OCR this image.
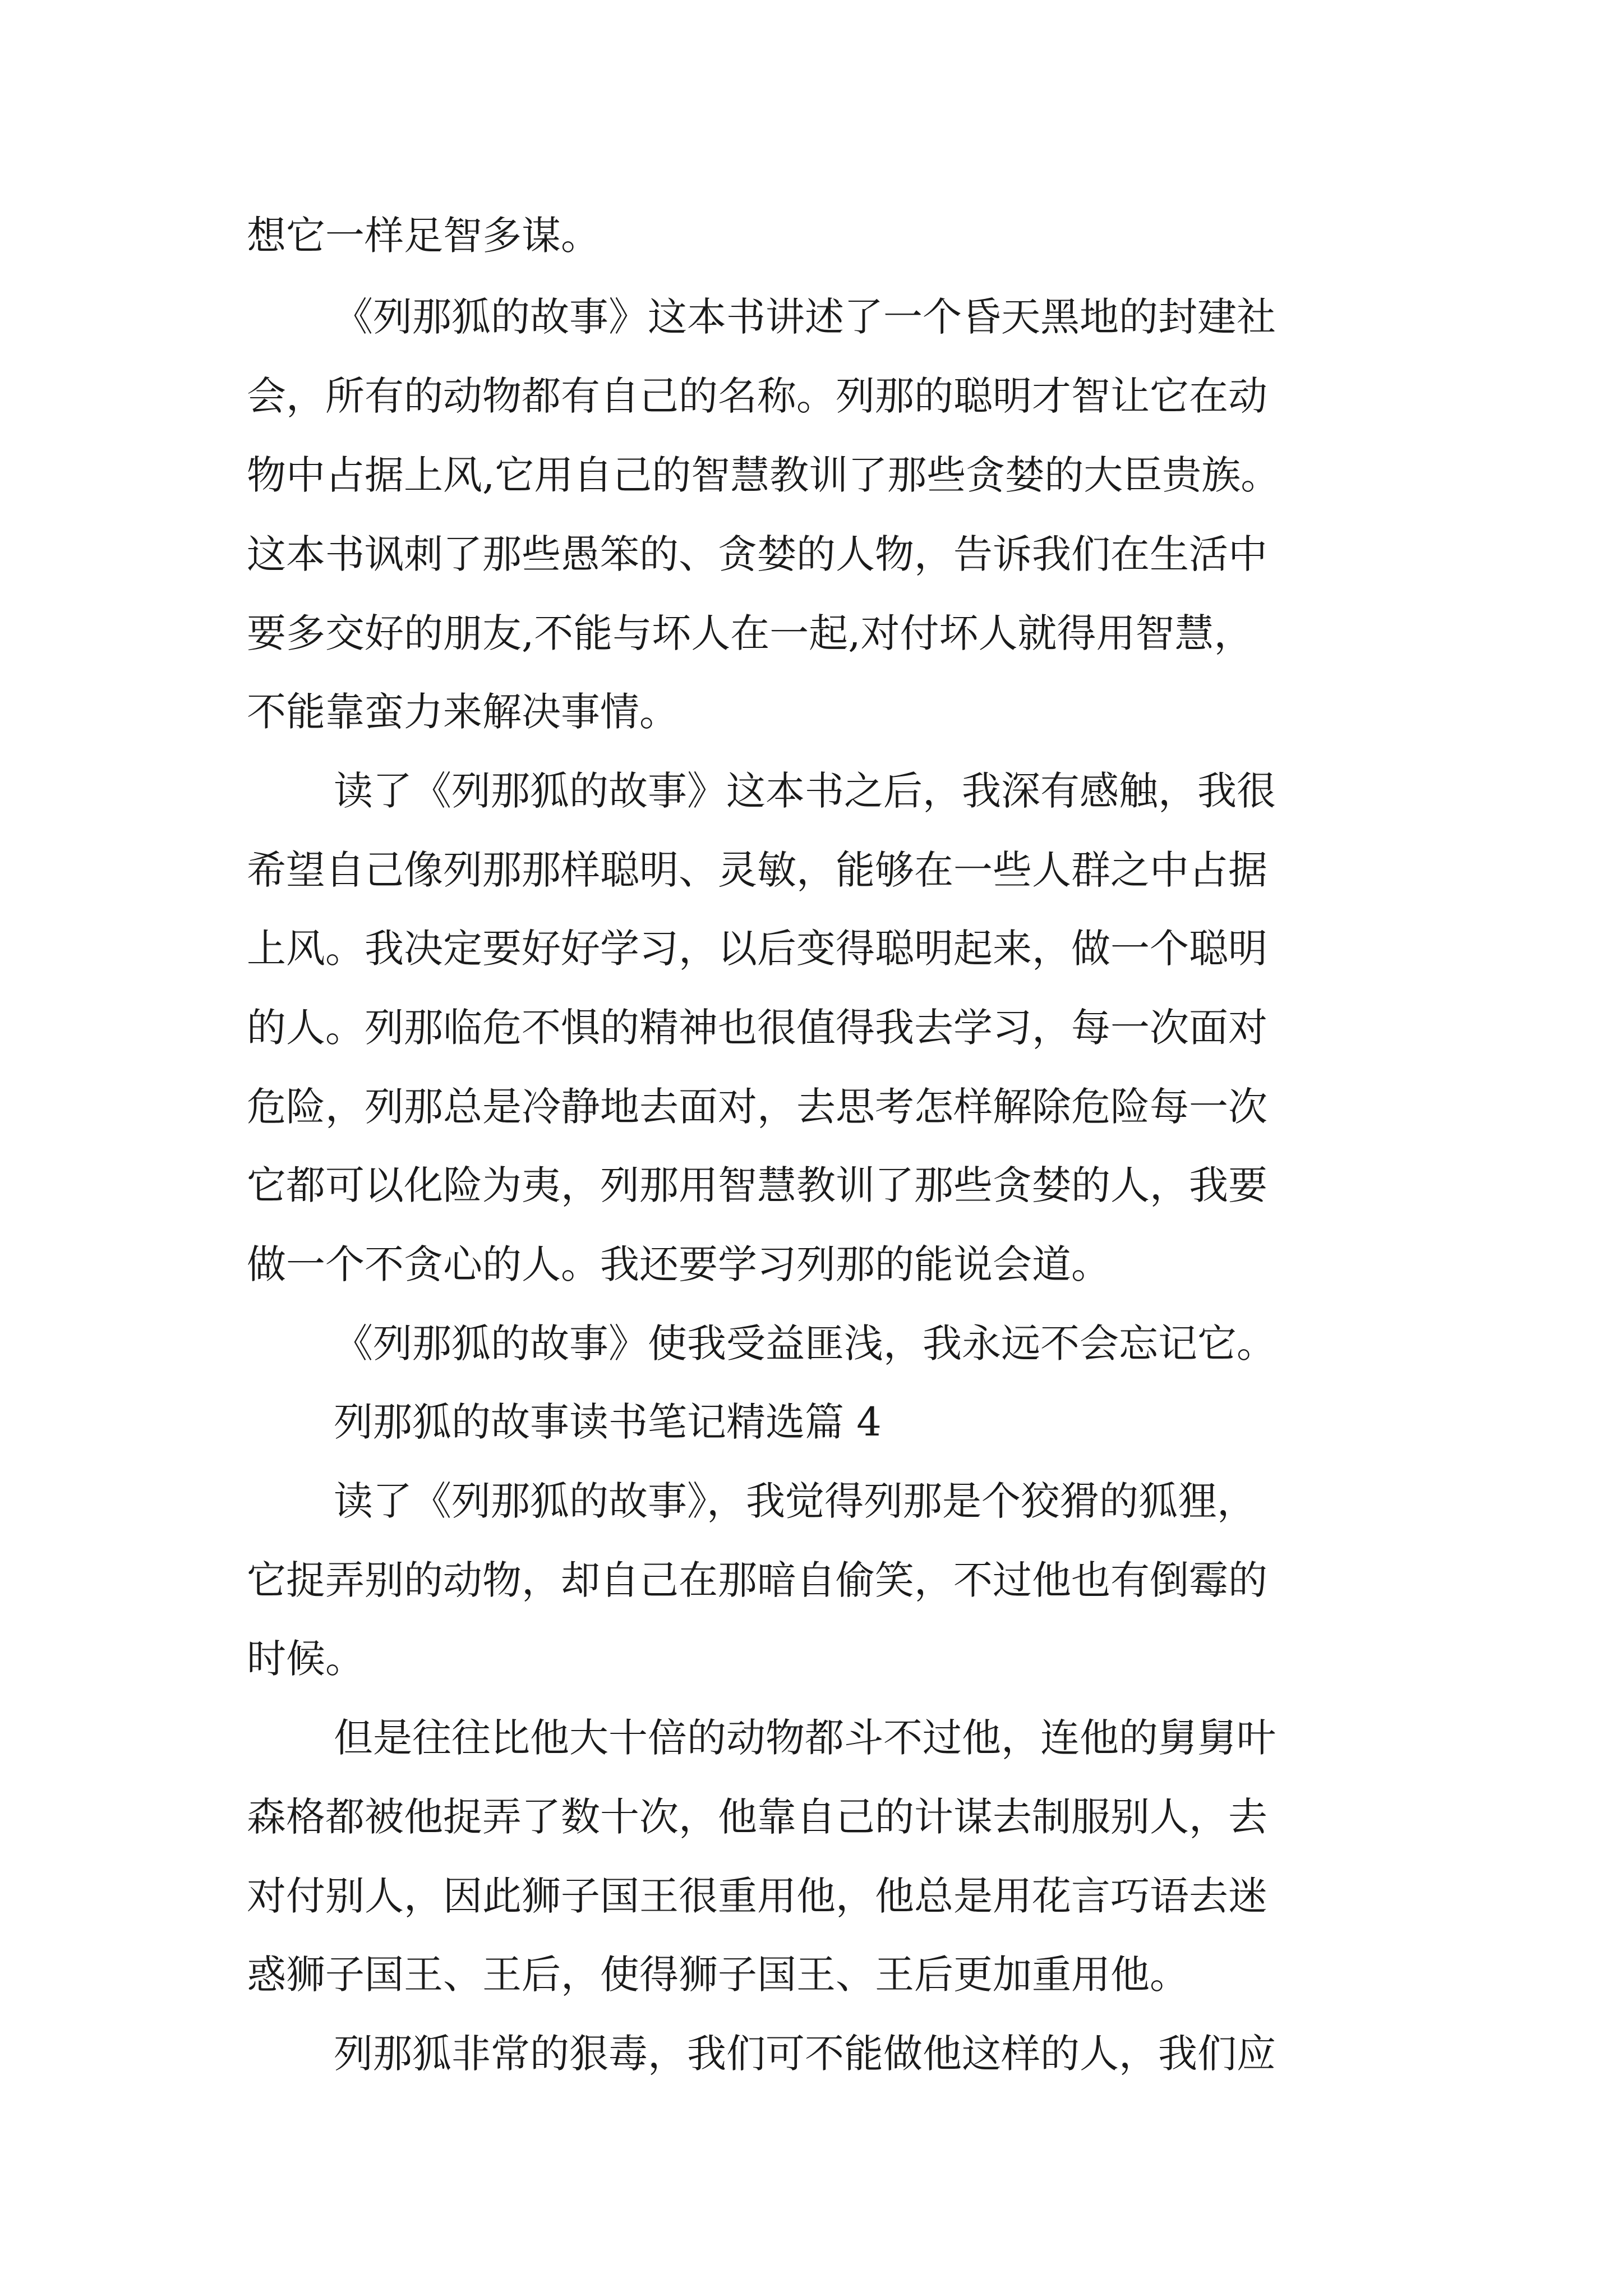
想它一样足智多谋。

《列那狐的故事》这本书讲述了一个昏天黑地的封建社

会，所有的动物都有自己的名称。列那的聪明才智让它在动

物中占据上风,它用自己的智慧教训了那些贪婪的大臣贵族。

这本书讽刺了那些愚笨的、贪婪的人物，告诉我们在生活中

要多交好的朋友,不能与坏人在一起,对付坏人就得用智慧，

不能靠蛮力来解决事情。

读了《列那狐的故事》这本书之后，我深有感触，我很

希望自己像列那那样聪明、灵敏，能够在一些人群之中占据

上风。我决定要好好学习，以后变得聪明起来，做一个聪明

的人。列那临危不惧的精神也很值得我去学习，每一次面对

危险，列那总是冷静地去面对，去思考怎样解除危险每一次

它都可以化险为夷，列那用智慧教训了那些贪婪的人，我要

做一个不贪心的人。我还要学习列那的能说会道。

《列那狐的故事》使我受益匪浅，我永远不会忘记它。

列那狐的故事读书笔记精选篇 4

读了《列那狐的故事》，我觉得列那是个狡猾的狐狸，

它捉弄别的动物，却自己在那暗自偷笑，不过他也有倒霉的

时候。

但是往往比他大十倍的动物都斗不过他，连他的舅舅叶

森格都被他捉弄了数十次，他靠自己的计谋去制服别人，去

对付别人，因此狮子国王很重用他，他总是用花言巧语去迷

惑狮子国王、王后，使得狮子国王、王后更加重用他。

列那狐非常的狠毒，我们可不能做他这样的人，我们应
